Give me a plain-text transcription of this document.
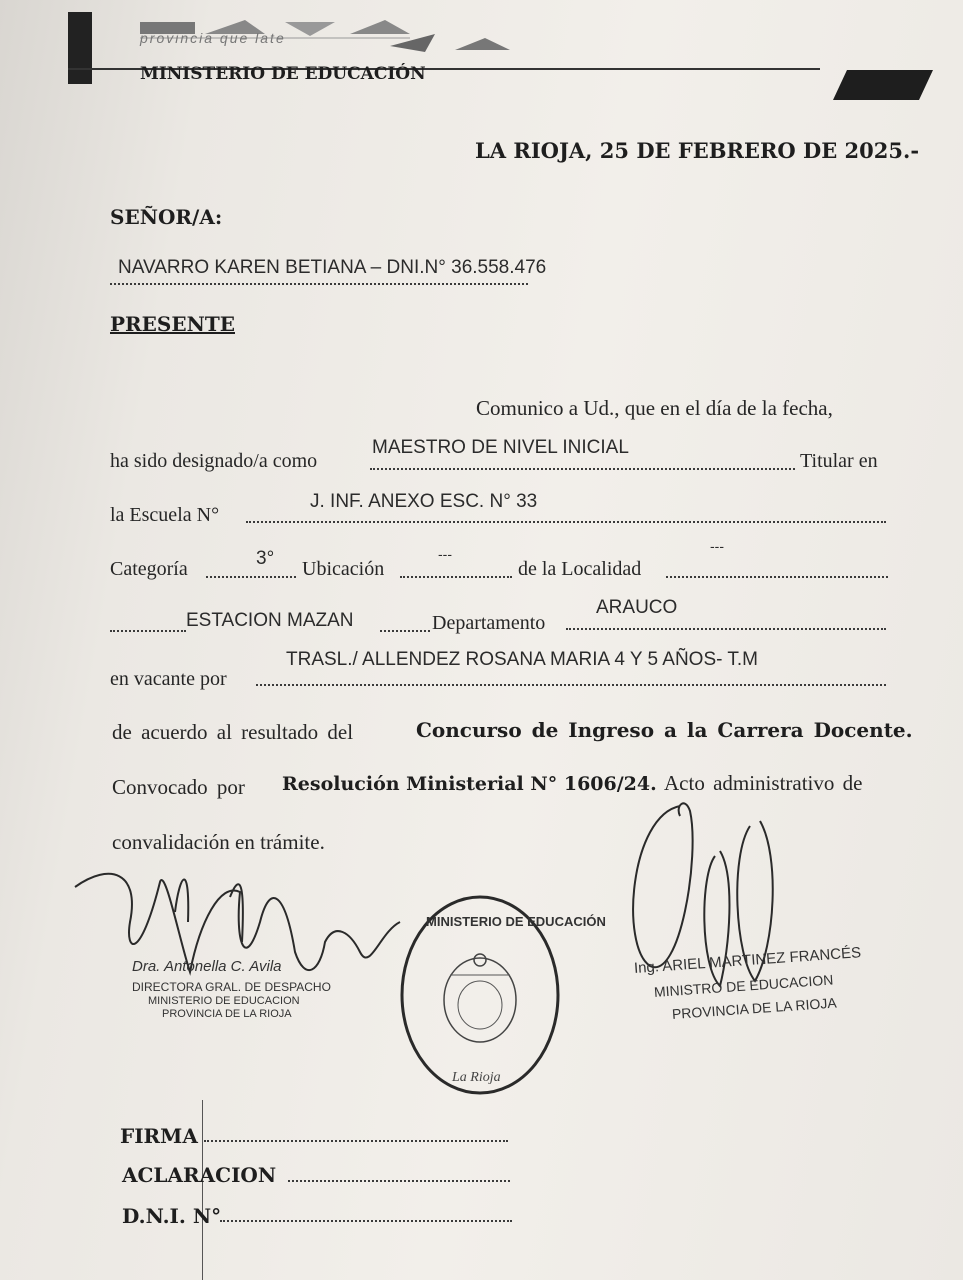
provincia que late
MINISTERIO DE EDUCACIÓN
LA RIOJA, 25 DE FEBRERO DE 2025.-
SEÑOR/A:
NAVARRO KAREN BETIANA – DNI.N° 36.558.476
PRESENTE
Comunico a Ud., que en el día de la fecha,
ha sido designado/a como
MAESTRO DE NIVEL INICIAL
Titular en
la Escuela N°
J. INF. ANEXO ESC. N° 33
Categoría	3° Ubicación
---
de la Localidad
---
ESTACION MAZAN	Departamento
ARAUCO
en vacante por
TRASL./ ALLENDEZ ROSANA MARIA 4 Y 5 AÑOS- T.M
de acuerdo al resultado del	Concurso de Ingreso a la Carrera Docente.
Convocado por Resolución Ministerial N° 1606/24. Acto administrativo de
convalidación en trámite.
Dra. Antonella C. Avila
DIRECTORA GRAL. DE DESPACHO
MINISTERIO DE EDUCACION
PROVINCIA DE LA RIOJA
MINISTERIO DE EDUCACIÓN
La Rioja
Ing. ARIEL MARTINEZ FRANCÉS
MINISTRO DE EDUCACION
PROVINCIA DE LA RIOJA
FIRMA
ACLARACION
D.N.I. N°
